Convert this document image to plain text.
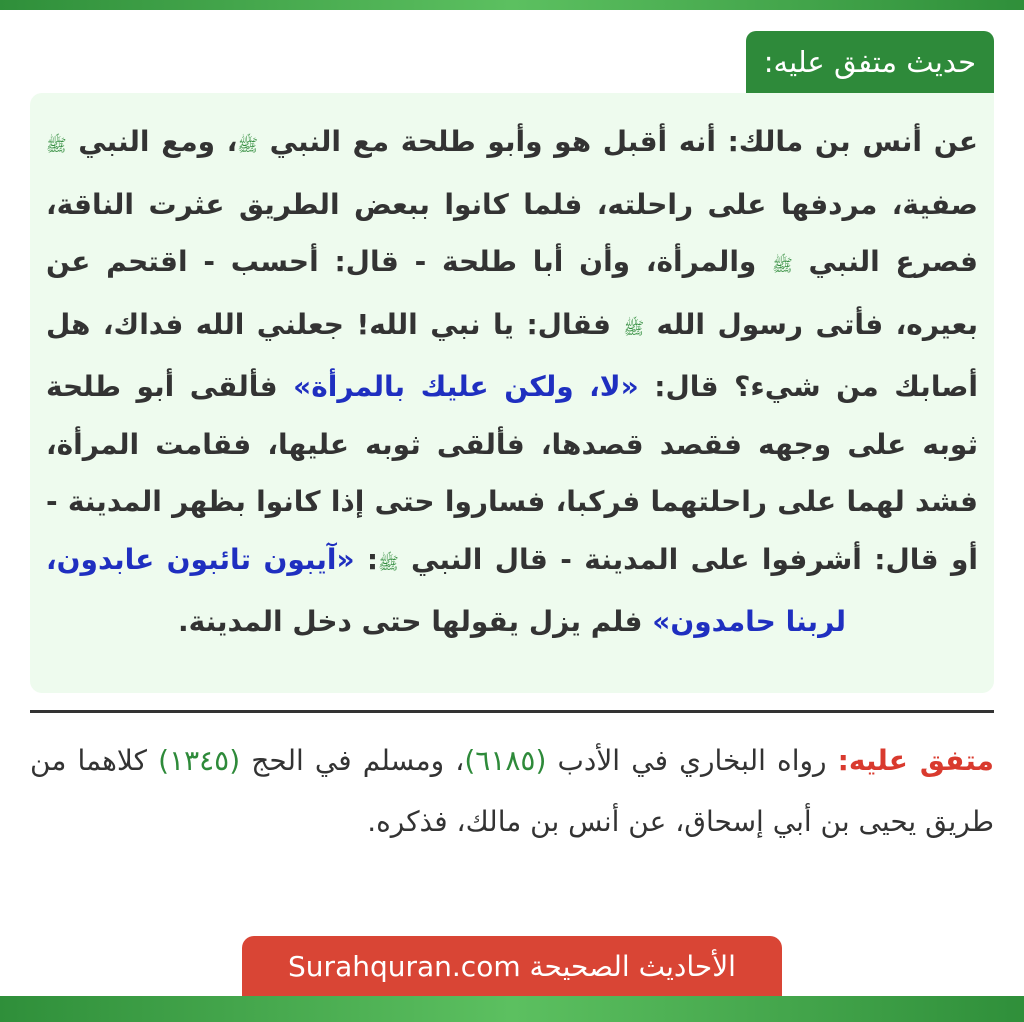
حديث متفق عليه:

عن أنس بن مالك: أنه أقبل هو وأبو طلحة مع النبي ﷺ، ومع النبي ﷺ صفية، مردفها على راحلته، فلما كانوا ببعض الطريق عثرت الناقة، فصرع النبي ﷺ والمرأة، وأن أبا طلحة - قال: أحسب - اقتحم عن بعيره، فأتى رسول الله ﷺ فقال: يا نبي الله! جعلني الله فداك، هل أصابك من شيء؟ قال: «لا، ولكن عليك بالمرأة» فألقى أبو طلحة ثوبه على وجهه فقصد قصدها، فألقى ثوبه عليها، فقامت المرأة، فشد لهما على راحلتهما فركبا، فساروا حتى إذا كانوا بظهر المدينة - أو قال: أشرفوا على المدينة - قال النبي ﷺ: «آيبون تائبون عابدون، لربنا حامدون» فلم يزل يقولها حتى دخل المدينة.

متفق عليه: رواه البخاري في الأدب (٦١٨٥)، ومسلم في الحج (١٣٤٥) كلاهما من طريق يحيى بن أبي إسحاق، عن أنس بن مالك، فذكره.

الأحاديث الصحيحة Surahquran.com
